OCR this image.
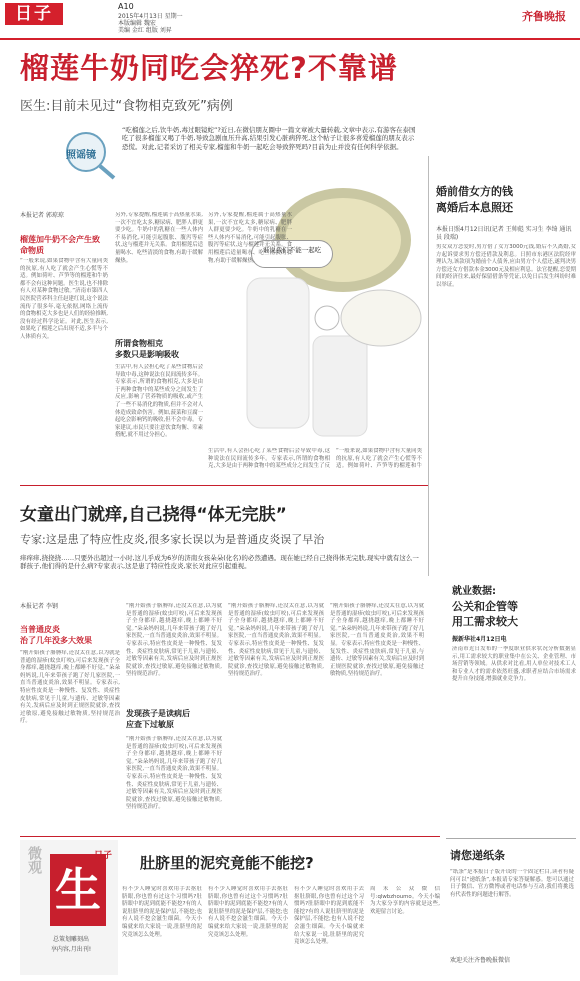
日子	A10
2015年4月13日 星期一
本版编辑 魏宏
美编 金红 组版 刘昇
齐鲁晚报
榴莲牛奶同吃会猝死?不靠谱
医生:目前未见过“食物相克致死”病例
照谣镜
“吃榴莲之后,饮牛奶,毒过眼镜蛇”?近日,在微信朋友圈中一篇文章被大量转载,文章中表示,有游客在泰国吃了很多榴莲又喝了牛奶,导致急剧血压升高,结果引发心脏病猝死,这个帖子让很多喜爱榴莲的朋友表示恐慌。对此,记者采访了相关专家,榴莲和牛奶一起吃会导致猝死吗?目前为止并没有任何科学依据。
谁说我们不能一起吃
本报记者 郭琼琼
榴莲加牛奶不会产生致命物质
“一般来说,如果食物中含有大量同类的抗原,有人吃了就会产生心慌等不适。例如荷叶、芦笋等的榴莲和牛奶都不会有这种问题。医生说,也不排除有人对某种食物过敏。”济南市第四人民医院营养科主任赵建红说,这个说法流传了很多年,毫无依据,网络上流传的食物相克大多也是人们的经验推断,没有经过科学论证。对此,医生表示,如果吃了榴莲之后出现不适,多半与个人体质有关。
另外,专家提醒,榴莲属于高热量水果,一次不宜吃太多,糖尿病、肥胖人群更要少吃。牛奶中的乳糖在一些人体内不易消化,可能引起腹胀、腹泻等症状,这与榴莲并无关系。食用榴莲后适量喝水、吃些清淡的食物,有助于缓解燥热。
所谓食物相克
多数只是影响吸收
生活中,有人会担心吃了某些食物后会导致中毒,这种说法在民间流传多年。专家表示,所谓的食物相克,大多是由于两种食物中的某些成分之间发生了反应,影响了营养物质的吸收,或产生了一些不易消化的物质,但并不会对人体造成致命伤害。例如,菠菜和豆腐一起吃会影响钙的吸收,但不会中毒。专家建议,市民只要注意饮食均衡、荤素搭配,就不用过分担心。
另外,专家提醒,榴莲属于高热量水果,一次不宜吃太多,糖尿病、肥胖人群更要少吃。牛奶中的乳糖在一些人体内不易消化,可能引起腹胀、腹泻等症状,这与榴莲并无关系。食用榴莲后适量喝水、吃些清淡的食物,有助于缓解燥热。
生活中,有人会担心吃了某些食物后会导致中毒,这种说法在民间流传多年。专家表示,所谓的食物相克,大多是由于两种食物中的某些成分之间发生了反
“一般来说,如果食物中含有大量同类的抗原,有人吃了就会产生心慌等不适。例如荷叶、芦笋等的榴莲和牛
婚前借女方的钱
离婚后本息照还
本报日照4月12日讯(记者 王帅彪 实习生 李绮 通讯员 段瑞)
男女双方恋爱时,男方借了女方3000元钱,婚后不久离婚,女方起诉要求男方偿还借款及利息。日照市东港区法院经审理认为,该款项为婚前个人债务,应由男方个人偿还,遂判决男方偿还女方借款本金3000元及相应利息。法官提醒,恋爱期间的经济往来,最好保留借条等凭证,以免日后发生纠纷时难以举证。
女童出门就痒,自己挠得“体无完肤”
专家:这是患了特应性皮炎,很多家长误以为是普通皮炎误了早治
痒痒痒,挠挠挠……只要外出超过一小时,这儿乎成为6岁的济南女孩朵朵(化名)的必然遭遇。现在她已经自己挠得体无完肤,现实中就有这么一群孩子,他们得的是什么病?专家表示,这是患了特应性皮炎,家长对此应引起重视。
本报记者 李钢
当普通皮炎
治了几年没多大效果
“刚开始孩子胳膊痒,还没太在意,以为就是普通的湿疹(蚊虫叮咬),可后来发现孩子全身都痒,越挠越痒,晚上都睡不好觉。”朵朵妈妈说,几年来带孩子跑了好几家医院,一直当普通皮炎治,效果不明显。专家表示,特应性皮炎是一种慢性、复发性、炎症性皮肤病,常见于儿童,与遗传、过敏等因素有关,发病后应及时到正规医院就诊,查找过敏原,避免接触过敏物质,坚持规范治疗。
“刚开始孩子胳膊痒,还没太在意,以为就是普通的湿疹(蚊虫叮咬),可后来发现孩子全身都痒,越挠越痒,晚上都睡不好觉。”朵朵妈妈说,几年来带孩子跑了好几家医院,一直当普通皮炎治,效果不明显。专家表示,特应性皮炎是一种慢性、复发性、炎症性皮肤病,常见于儿童,与遗传、过敏等因素有关,发病后应及时到正规医院就诊,查找过敏原,避免接触过敏物质,坚持规范治疗。
发现孩子是读病后
应查下过敏原
“刚开始孩子胳膊痒,还没太在意,以为就是普通的湿疹(蚊虫叮咬),可后来发现孩子全身都痒,越挠越痒,晚上都睡不好觉。”朵朵妈妈说,几年来带孩子跑了好几家医院,一直当普通皮炎治,效果不明显。专家表示,特应性皮炎是一种慢性、复发性、炎症性皮肤病,常见于儿童,与遗传、过敏等因素有关,发病后应及时到正规医院就诊,查找过敏原,避免接触过敏物质,坚持规范治疗。
“刚开始孩子胳膊痒,还没太在意,以为就是普通的湿疹(蚊虫叮咬),可后来发现孩子全身都痒,越挠越痒,晚上都睡不好觉。”朵朵妈妈说,几年来带孩子跑了好几家医院,一直当普通皮炎治,效果不明显。专家表示,特应性皮炎是一种慢性、复发性、炎症性皮肤病,常见于儿童,与遗传、过敏等因素有关,发病后应及时到正规医院就诊,查找过敏原,避免接触过敏物质,坚持规范治疗。
“刚开始孩子胳膊痒,还没太在意,以为就是普通的湿疹(蚊虫叮咬),可后来发现孩子全身都痒,越挠越痒,晚上都睡不好觉。”朵朵妈妈说,几年来带孩子跑了好几家医院,一直当普通皮炎治,效果不明显。专家表示,特应性皮炎是一种慢性、复发性、炎症性皮肤病,常见于儿童,与遗传、过敏等因素有关,发病后应及时到正规医院就诊,查找过敏原,避免接触过敏物质,坚持规范治疗。
就业数据:
公关和企管等
用工需求较大
振新华社4月12日电
济南市近日发布的一季度职业供求状况分析数据显示,用工需求较大的职业集中在公关、企业管理、市场营销等领域。从供求对比看,用人单位对技术工人和专业人才的需求依然旺盛,求职者应结合市场需求提升自身技能,增强就业竞争力。
请您递纸条
“纸条”是本报日子版开设的一个固定栏目,读者有疑问可以“递纸条”,本报请专家答疑解惑。您可以通过日子微信、官方微博或者电话参与互动,我们将挑选有代表性的问题进行解答。
欢迎关注齐鲁晚报微信
微观
生
日子
总策划雕刻出
享内容,月出刊!
肚脐里的泥究竟能不能挖?
有不少人睡觉时喜欢用手去抠肚脐眼,你也曾有过这个习惯吗?肚脐眼中的泥到底能不能挖?有的人说肚脐里的泥是保护层,不能挖;也有人说不挖会滋生细菌。今天小编就来给大家说一说,肚脐里的泥究竟该怎么处理。
有不少人睡觉时喜欢用手去抠肚脐眼,你也曾有过这个习惯吗?肚脐眼中的泥到底能不能挖?有的人说肚脐里的泥是保护层,不能挖;也有人说不挖会滋生细菌。今天小编就来给大家说一说,肚脐里的泥究竟该怎么处理。
有不少人睡觉时喜欢用手去抠肚脐眼,你也曾有过这个习惯吗?肚脐眼中的泥到底能不能挖?有的人说肚脐里的泥是保护层,不能挖;也有人说不挖会滋生细菌。今天小编就来给大家说一说,肚脐里的泥究竟该怎么处理。
周末公众微信号:qlwbzhoumo。今天小编为大家分享的内容就是这些,欢迎留言讨论。
